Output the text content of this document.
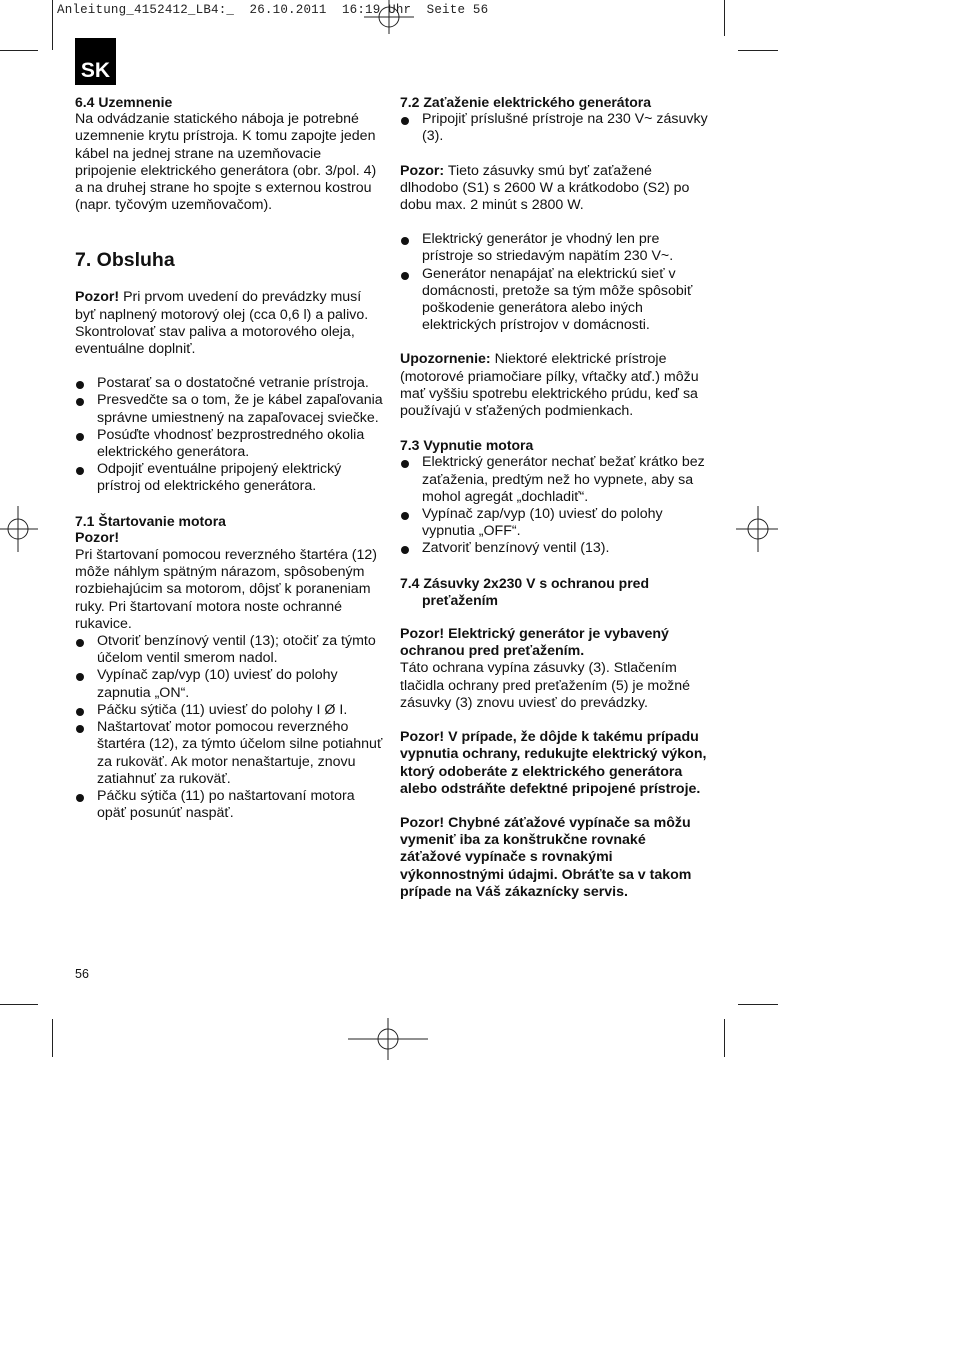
Anleitung_4152412_LB4:_  26.10.2011  16:19 Uhr  Seite 56
SK

6.4 Uzemnenie

Na odvádzanie statického náboja je potrebné uzemnenie krytu prístroja. K tomu zapojte jeden kábel na jednej strane na uzemňovacie pripojenie elektrického generátora (obr. 3/pol. 4) a na druhej strane ho spojte s externou kostrou (napr. tyčovým uzemňovačom).

7. Obsluha

Pozor! Pri prvom uvedení do prevádzky musí byť naplnený motorový olej (cca 0,6 l) a palivo. Skontrolovať stav paliva a motorového oleja, eventuálne doplniť.

Postarať sa o dostatočné vetranie prístroja.
Presvedčte sa o tom, že je kábel zapaľovania správne umiestnený na zapaľovacej sviečke.
Posúďte vhodnosť bezprostredného okolia elektrického generátora.
Odpojiť eventuálne pripojený elektrický prístroj od elektrického generátora.

7.1 Štartovanie motora

Pozor!

Pri štartovaní pomocou reverzného štartéra (12) môže náhlym spätným nárazom, spôsobeným rozbiehajúcim sa motorom, dôjsť k poraneniam ruky. Pri štartovaní motora noste ochranné rukavice.

Otvoriť benzínový ventil (13); otočiť za týmto účelom ventil smerom nadol.
Vypínač zap/vyp (10) uviesť do polohy zapnutia „ON“.
Páčku sýtiča (11) uviesť do polohy I Ø I.
Naštartovať motor pomocou reverzného štartéra (12), za týmto účelom silne potiahnuť za rukoväť. Ak motor nenaštartuje, znovu zatiahnuť za rukoväť.
Páčku sýtiča (11) po naštartovaní motora opäť posunúť naspäť.

7.2 Zaťaženie elektrického generátora

Pripojiť príslušné prístroje na 230 V~ zásuvky (3).

Pozor: Tieto zásuvky smú byť zaťažené dlhodobo (S1) s 2600 W a krátkodobo (S2) po dobu max. 2 minút s 2800 W.

Elektrický generátor je vhodný len pre prístroje so striedavým napätím 230 V~.
Generátor nenapájať na elektrickú sieť v domácnosti, pretože sa tým môže spôsobiť poškodenie generátora alebo iných elektrických prístrojov v domácnosti.

Upozornenie: Niektoré elektrické prístroje (motorové priamočiare pílky, vŕtačky atď.) môžu mať vyššiu spotrebu elektrického prúdu, keď sa používajú v sťažených podmienkach.

7.3 Vypnutie motora

Elektrický generátor nechať bežať krátko bez zaťaženia, predtým než ho vypnete, aby sa mohol agregát „dochladiť“.
Vypínač zap/vyp (10) uviesť do polohy vypnutia „OFF“.
Zatvoriť benzínový ventil (13).

7.4 Zásuvky 2x230 V s ochranou pred

preťažením

Pozor! Elektrický generátor je vybavený ochranou pred preťažením.

Táto ochrana vypína zásuvky (3). Stlačením tlačidla ochrany pred preťažením (5) je možné zásuvky (3) znovu uviesť do prevádzky.

Pozor! V prípade, že dôjde k takému prípadu vypnutia ochrany, redukujte elektrický výkon, ktorý odoberáte z elektrického generátora alebo odstráňte defektné pripojené prístroje.

Pozor! Chybné záťažové vypínače sa môžu vymeniť iba za konštrukčne rovnaké záťažové vypínače s rovnakými výkonnostnými údajmi. Obráťte sa v takom prípade na Váš zákaznícky servis.

56
